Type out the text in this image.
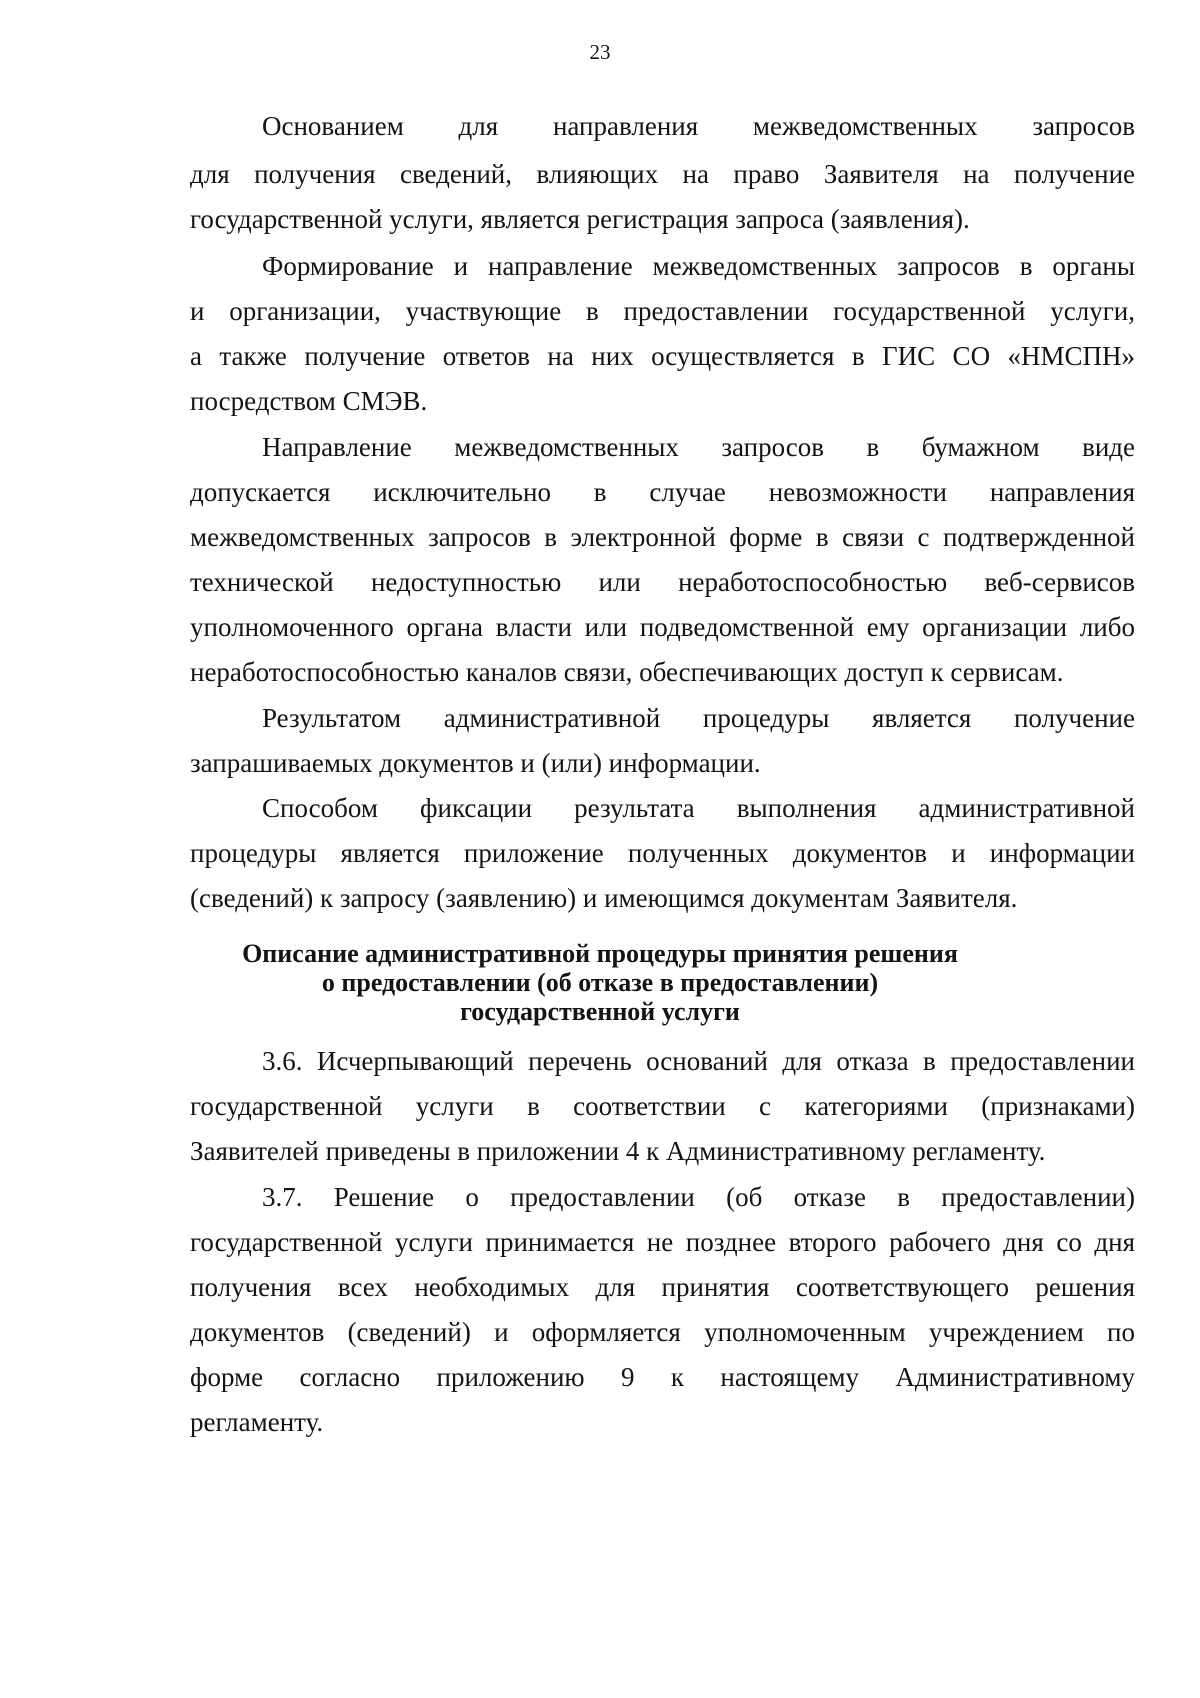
23
Основанием для направления межведомственных запросов
для получения сведений, влияющих на право Заявителя на получение
государственной услуги, является регистрация запроса (заявления).
Формирование и направление межведомственных запросов в органы
и организации, участвующие в предоставлении государственной услуги,
а также получение ответов на них осуществляется в ГИС СО «НМСПН»
посредством СМЭВ.
Направление межведомственных запросов в бумажном виде
допускается исключительно в случае невозможности направления
межведомственных запросов в электронной форме в связи с подтвержденной
технической недоступностью или неработоспособностью веб-сервисов
уполномоченного органа власти или подведомственной ему организации либо
неработоспособностью каналов связи, обеспечивающих доступ к сервисам.
Результатом административной процедуры является получение
запрашиваемых документов и (или) информации.
Способом фиксации результата выполнения административной
процедуры является приложение полученных документов и информации
(сведений) к запросу (заявлению) и имеющимся документам Заявителя.
Описание административной процедуры принятия решения
о предоставлении (об отказе в предоставлении)
государственной услуги
3.6. Исчерпывающий перечень оснований для отказа в предоставлении
государственной услуги в соответствии с категориями (признаками)
Заявителей приведены в приложении 4 к Административному регламенту.
3.7. Решение о предоставлении (об отказе в предоставлении)
государственной услуги принимается не позднее второго рабочего дня со дня
получения всех необходимых для принятия соответствующего решения
документов (сведений) и оформляется уполномоченным учреждением по
форме согласно приложению 9 к настоящему Административному
регламенту.
